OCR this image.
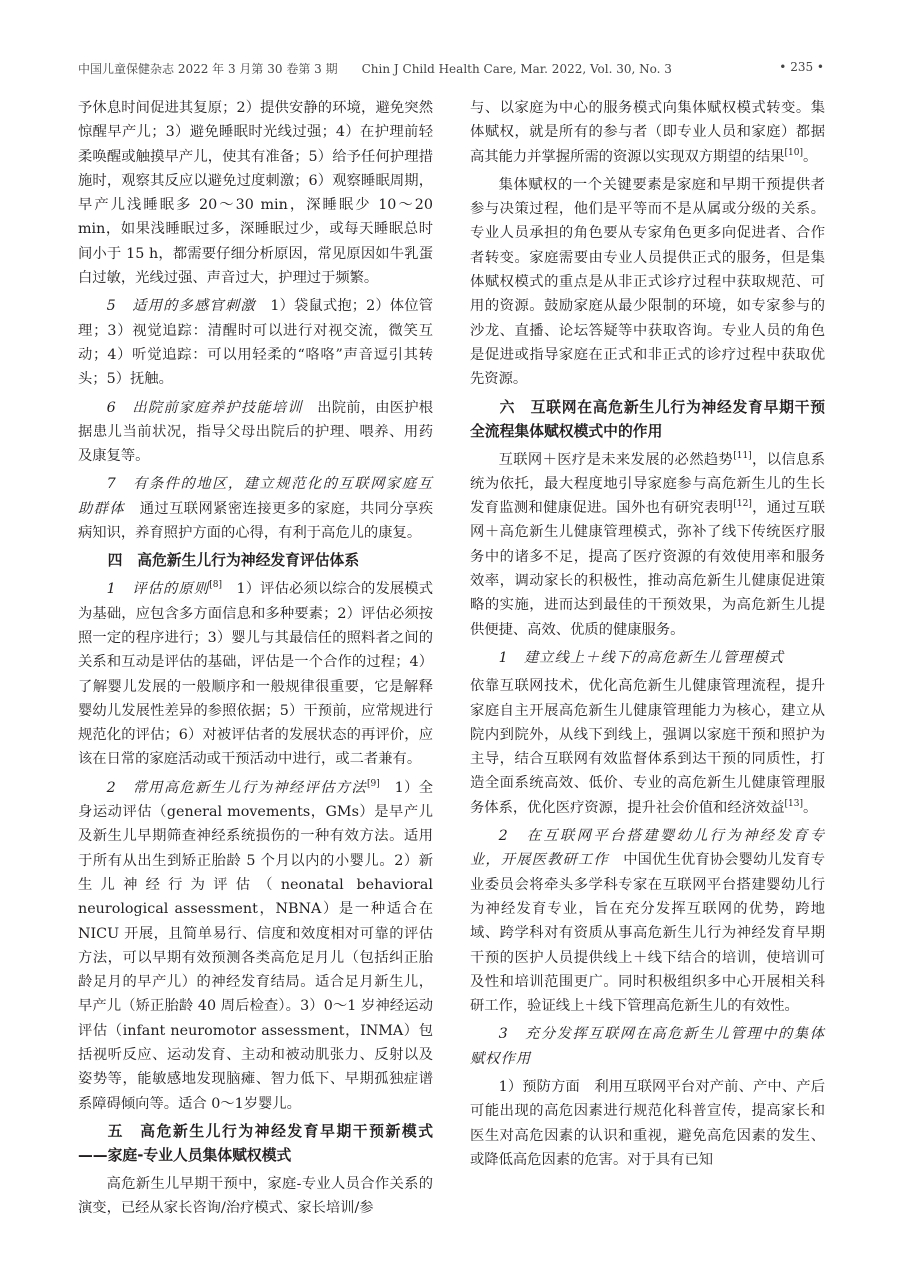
中国儿童保健杂志 2022 年 3 月第 30 卷第 3 期　　Chin J Child Health Care, Mar. 2022, Vol. 30, No. 3	• 235 •

予休息时间促进其复原；2）提供安静的环境，避免突然惊醒早产儿；3）避免睡眠时光线过强；4）在护理前轻柔唤醒或触摸早产儿，使其有准备；5）给予任何护理措施时，观察其反应以避免过度刺激；6）观察睡眠周期，早产儿浅睡眠多 20～30 min，深睡眠少 10～20 min，如果浅睡眠过多，深睡眠过少，或每天睡眠总时间小于 15 h，都需要仔细分析原因，常见原因如牛乳蛋白过敏，光线过强、声音过大，护理过于频繁。

5　适用的多感官刺激　1）袋鼠式抱；2）体位管理；3）视觉追踪：清醒时可以进行对视交流，微笑互动；4）听觉追踪：可以用轻柔的“咯咯”声音逗引其转头；5）抚触。

6　出院前家庭养护技能培训　出院前，由医护根据患儿当前状况，指导父母出院后的护理、喂养、用药及康复等。

7　有条件的地区，建立规范化的互联网家庭互助群体　通过互联网紧密连接更多的家庭，共同分享疾病知识，养育照护方面的心得，有利于高危儿的康复。

四　高危新生儿行为神经发育评估体系

1　评估的原则[8]　1）评估必须以综合的发展模式为基础，应包含多方面信息和多种要素；2）评估必须按照一定的程序进行；3）婴儿与其最信任的照料者之间的关系和互动是评估的基础，评估是一个合作的过程；4）了解婴儿发展的一般顺序和一般规律很重要，它是解释婴幼儿发展性差异的参照依据；5）干预前，应常规进行规范化的评估；6）对被评估者的发展状态的再评价，应该在日常的家庭活动或干预活动中进行，或二者兼有。

2　常用高危新生儿行为神经评估方法[9]　1）全身运动评估（general movements，GMs）是早产儿及新生儿早期筛查神经系统损伤的一种有效方法。适用于所有从出生到矫正胎龄 5 个月以内的小婴儿。2）新生儿神经行为评估（neonatal behavioral neurological assessment，NBNA）是一种适合在 NICU 开展，且简单易行、信度和效度相对可靠的评估方法，可以早期有效预测各类高危足月儿（包括纠正胎龄足月的早产儿）的神经发育结局。适合足月新生儿，早产儿（矫正胎龄 40 周后检查）。3）0～1 岁神经运动评估（infant neuromotor assessment，INMA）包括视听反应、运动发育、主动和被动肌张力、反射以及姿势等，能敏感地发现脑瘫、智力低下、早期孤独症谱系障碍倾向等。适合 0～1岁婴儿。

五　高危新生儿行为神经发育早期干预新模式——家庭-专业人员集体赋权模式

高危新生儿早期干预中，家庭-专业人员合作关系的演变，已经从家长咨询/治疗模式、家长培训/参

与、以家庭为中心的服务模式向集体赋权模式转变。集体赋权，就是所有的参与者（即专业人员和家庭）都据高其能力并掌握所需的资源以实现双方期望的结果[10]。

集体赋权的一个关键要素是家庭和早期干预提供者参与决策过程，他们是平等而不是从属或分级的关系。专业人员承担的角色要从专家角色更多向促进者、合作者转变。家庭需要由专业人员提供正式的服务，但是集体赋权模式的重点是从非正式诊疗过程中获取规范、可用的资源。鼓励家庭从最少限制的环境，如专家参与的沙龙、直播、论坛答疑等中获取咨询。专业人员的角色是促进或指导家庭在正式和非正式的诊疗过程中获取优先资源。

六　互联网在高危新生儿行为神经发育早期干预全流程集体赋权模式中的作用

互联网＋医疗是未来发展的必然趋势[11]，以信息系统为依托，最大程度地引导家庭参与高危新生儿的生长发育监测和健康促进。国外也有研究表明[12]，通过互联网＋高危新生儿健康管理模式，弥补了线下传统医疗服务中的诸多不足，提高了医疗资源的有效使用率和服务效率，调动家长的积极性，推动高危新生儿健康促进策略的实施，进而达到最佳的干预效果，为高危新生儿提供便捷、高效、优质的健康服务。

1　建立线上＋线下的高危新生儿管理模式

依靠互联网技术，优化高危新生儿健康管理流程，提升家庭自主开展高危新生儿健康管理能力为核心，建立从院内到院外，从线下到线上，强调以家庭干预和照护为主导，结合互联网有效监督体系到达干预的同质性，打造全面系统高效、低价、专业的高危新生儿健康管理服务体系，优化医疗资源，提升社会价值和经济效益[13]。

2　在互联网平台搭建婴幼儿行为神经发育专业，开展医教研工作　中国优生优育协会婴幼儿发育专业委员会将牵头多学科专家在互联网平台搭建婴幼儿行为神经发育专业，旨在充分发挥互联网的优势，跨地域、跨学科对有资质从事高危新生儿行为神经发育早期干预的医护人员提供线上＋线下结合的培训，使培训可及性和培训范围更广。同时积极组织多中心开展相关科研工作，验证线上＋线下管理高危新生儿的有效性。

3　充分发挥互联网在高危新生儿管理中的集体赋权作用

1）预防方面　利用互联网平台对产前、产中、产后可能出现的高危因素进行规范化科普宣传，提高家长和医生对高危因素的认识和重视，避免高危因素的发生、或降低高危因素的危害。对于具有已知
